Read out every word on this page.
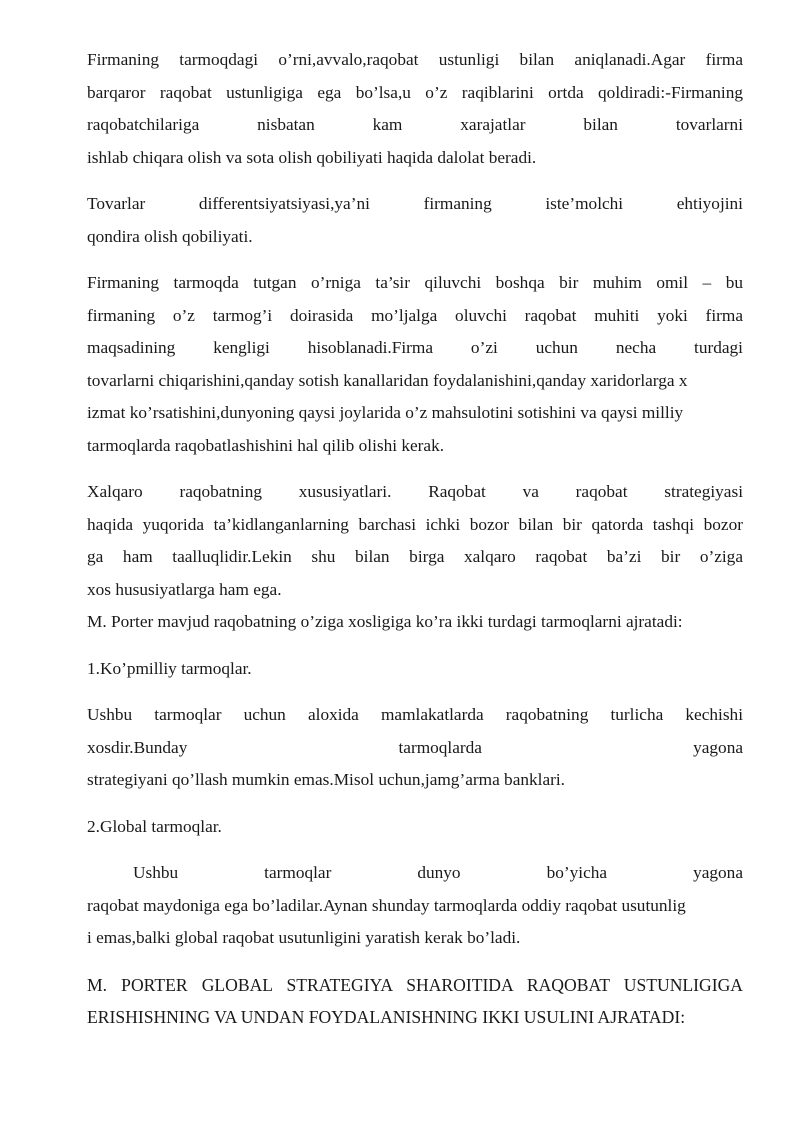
Firmaning tarmoqdagi o’rni,avvalo,raqobat ustunligi bilan aniqlanadi.Agar firma
barqaror raqobat ustunligiga ega bo’lsa,u o’z raqiblarini ortda qoldiradi:-Firmaning
raqobatchilariga nisbatan kam xarajatlar bilan tovarlarni
ishlab chiqara olish va sota olish qobiliyati haqida dalolat beradi.
Tovarlar differentsiyatsiyasi,ya’ni firmaning iste’molchi ehtiyojini
qondira olish qobiliyati.
Firmaning tarmoqda tutgan o’rniga ta’sir qiluvchi boshqa bir muhim omil – bu
firmaning o’z tarmog’i doirasida mo’ljalga oluvchi raqobat muhiti yoki firma
maqsadining kengligi hisoblanadi.Firma o’zi uchun necha turdagi
tovarlarni chiqarishini,qanday sotish kanallaridan foydalanishini,qanday xaridorlarga x
izmat ko’rsatishini,dunyoning qaysi joylarida o’z mahsulotini sotishini va qaysi milliy
tarmoqlarda raqobatlashishini hal qilib olishi kerak.
Xalqaro raqobatning xususiyatlari. Raqobat va raqobat strategiyasi
haqida yuqorida ta’kidlanganlarning barchasi ichki bozor bilan bir qatorda tashqi bozor
ga ham taalluqlidir.Lekin shu bilan birga xalqaro raqobat ba’zi bir o’ziga
xos hususiyatlarga ham ega.
M. Porter mavjud raqobatning o’ziga xosligiga ko’ra ikki turdagi tarmoqlarni ajratadi:
1.Ko’pmilliy tarmoqlar.
Ushbu tarmoqlar uchun aloxida mamlakatlarda raqobatning turlicha kechishi
xosdir.Bunday tarmoqlarda yagona
strategiyani qo’llash mumkin emas.Misol uchun,jamg’arma banklari.
2.Global tarmoqlar.
Ushbu tarmoqlar dunyo bo’yicha yagona
raqobat maydoniga ega bo’ladilar.Aynan shunday tarmoqlarda oddiy raqobat usutunlig
i emas,balki global raqobat usutunligini yaratish kerak bo’ladi.
M. PORTER GLOBAL STRATEGIYA SHAROITIDA RAQOBAT USTUNLIGIGA
ERISHISHNING VA UNDAN FOYDALANISHNING IKKI USULINI AJRATADI:
